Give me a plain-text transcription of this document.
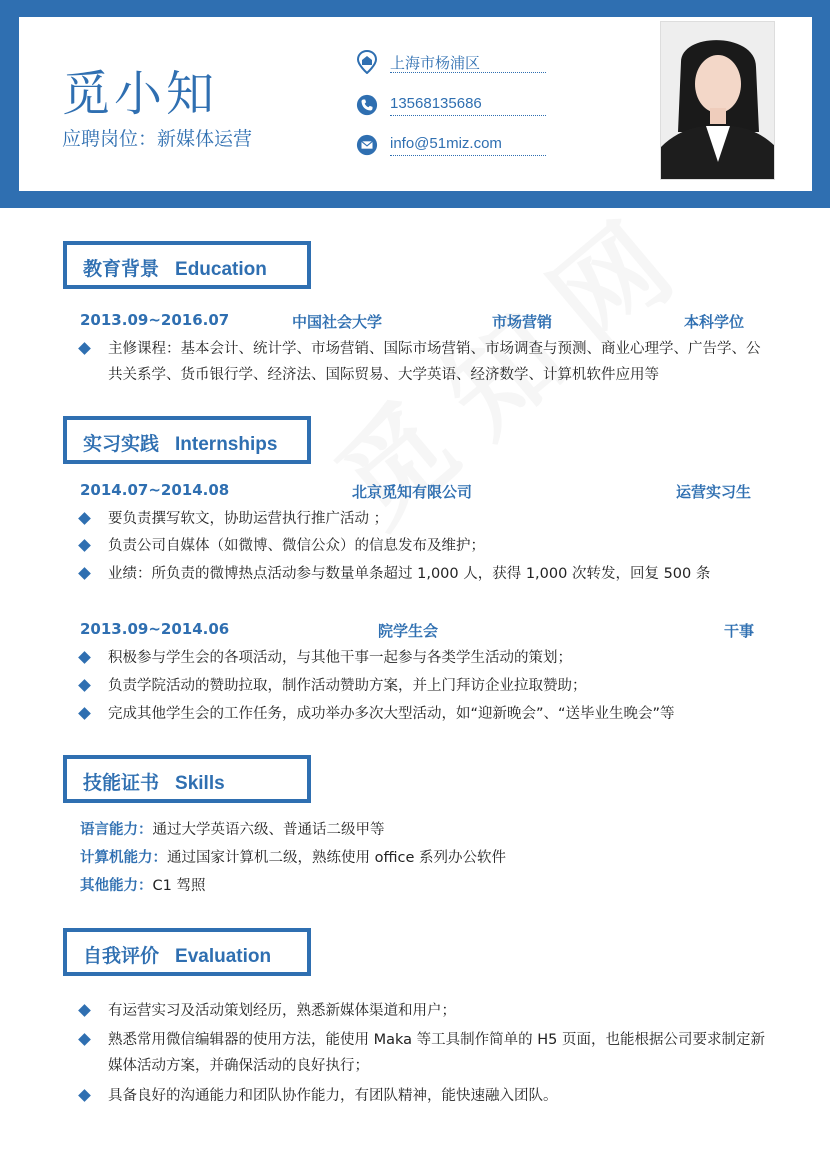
觅小知
应聘岗位：新媒体运营
上海市杨浦区
13568135686
info@51miz.com
教育背景 Education
2013.09~2016.07	中国社会大学	市场营销	本科学位
主修课程：基本会计、统计学、市场营销、国际市场营销、市场调查与预测、商业心理学、广告学、公共关系学、货币银行学、经济法、国际贸易、大学英语、经济数学、计算机软件应用等
实习实践 Internships
2014.07~2014.08	北京觅知有限公司	运营实习生
要负责撰写软文，协助运营执行推广活动 ；
负责公司自媒体（如微博、微信公众）的信息发布及维护；
业绩：所负责的微博热点活动参与数量单条超过 1,000 人，获得 1,000 次转发，回复 500 条
2013.09~2014.06	院学生会	干事
积极参与学生会的各项活动，与其他干事一起参与各类学生活动的策划；
负责学院活动的赞助拉取，制作活动赞助方案，并上门拜访企业拉取赞助；
完成其他学生会的工作任务，成功举办多次大型活动，如“迎新晚会”、“送毕业生晚会”等
技能证书 Skills
语言能力：通过大学英语六级、普通话二级甲等
计算机能力：通过国家计算机二级，熟练使用 office 系列办公软件
其他能力：C1 驾照
自我评价 Evaluation
有运营实习及活动策划经历，熟悉新媒体渠道和用户；
熟悉常用微信编辑器的使用方法，能使用 Maka 等工具制作简单的 H5 页面，也能根据公司要求制定新媒体活动方案，并确保活动的良好执行；
具备良好的沟通能力和团队协作能力，有团队精神，能快速融入团队。
